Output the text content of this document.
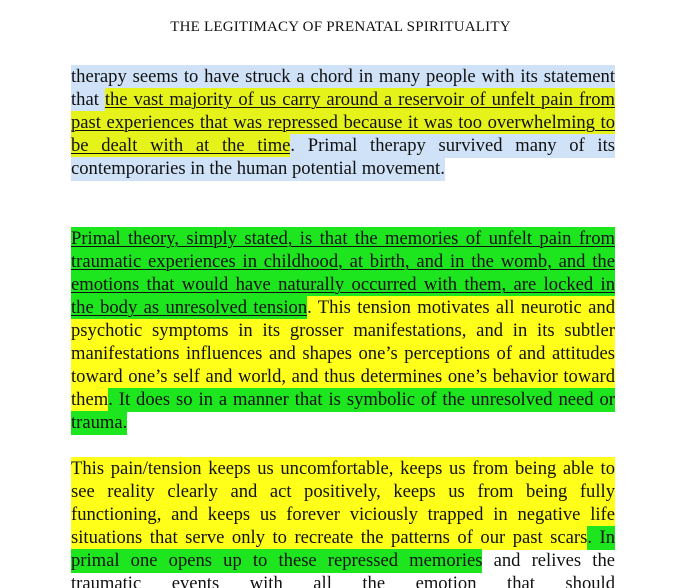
THE LEGITIMACY OF PRENATAL SPIRITUALITY
therapy seems to have struck a chord in many people with its statement that the vast majority of us carry around a reservoir of unfelt pain from past experiences that was repressed because it was too overwhelming to be dealt with at the time. Primal therapy survived many of its contemporaries in the human potential movement.
Primal theory, simply stated, is that the memories of unfelt pain from traumatic experiences in childhood, at birth, and in the womb, and the emotions that would have naturally occurred with them, are locked in the body as unresolved tension. This tension motivates all neurotic and psychotic symptoms in its grosser manifestations, and in its subtler manifestations influences and shapes one’s perceptions of and attitudes toward one’s self and world, and thus determines one’s behavior toward them. It does so in a manner that is symbolic of the unresolved need or trauma.
This pain/tension keeps us uncomfortable, keeps us from being able to see reality clearly and act positively, keeps us from being fully functioning, and keeps us forever viciously trapped in negative life situations that serve only to recreate the patterns of our past scars. In primal one opens up to these repressed memories and relives the traumatic events with all the emotion that should
